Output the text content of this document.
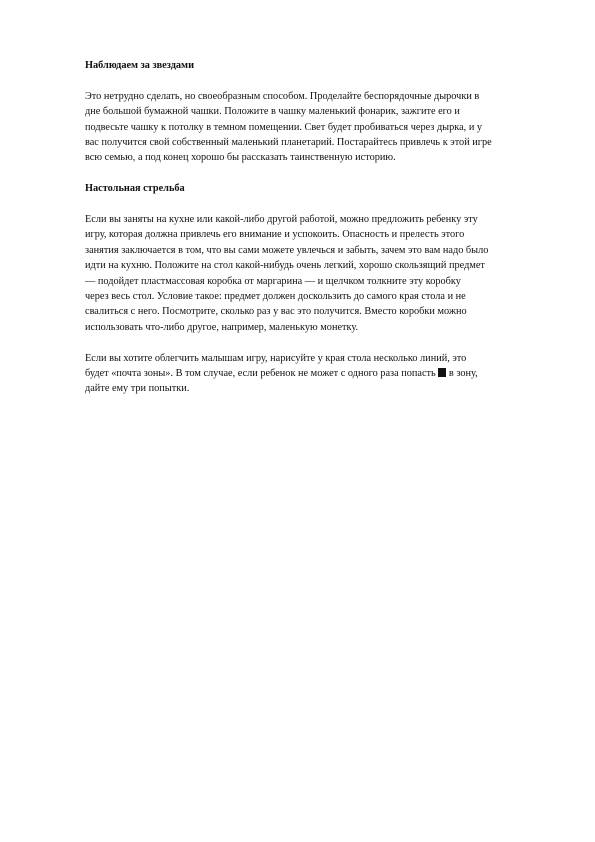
Наблюдаем за звездами
Это нетрудно сделать, но своеобразным способом. Проделайте беспорядочные дырочки в
дне большой бумажной чашки. Положите в чашку маленький фонарик, зажгите его и
подвесьте чашку к потолку в темном помещении. Свет будет пробиваться через дырка, и у
вас получится свой собственный маленький планетарий. Постарайтесь привлечь к этой игре
всю семью, а под конец хорошо бы рассказать таинственную историю.
Настольная стрельба
Если вы заняты на кухне или какой-либо другой работой, можно предложить ребенку эту
игру, которая должна привлечь его внимание и успокоить. Опасность и прелесть этого
занятия заключается в том, что вы сами можете увлечься и забыть, зачем это вам надо было
идти на кухню. Положите на стол какой-нибудь очень легкий, хорошо скользящий предмет
— подойдет пластмассовая коробка от маргарина — и щелчком толкните эту коробку
через весь стол. Условие такое: предмет должен доскользить до самого края стола и не
свалиться с него. Посмотрите, сколько раз у вас это получится. Вместо коробки можно
использовать что-либо другое, например, маленькую монетку.
Если вы хотите облегчить малышам игру, нарисуйте у края стола несколько линий, это
будет «почта зоны». В том случае, если ребенок не может с одного раза попасть в зону,
дайте ему три попытки.
